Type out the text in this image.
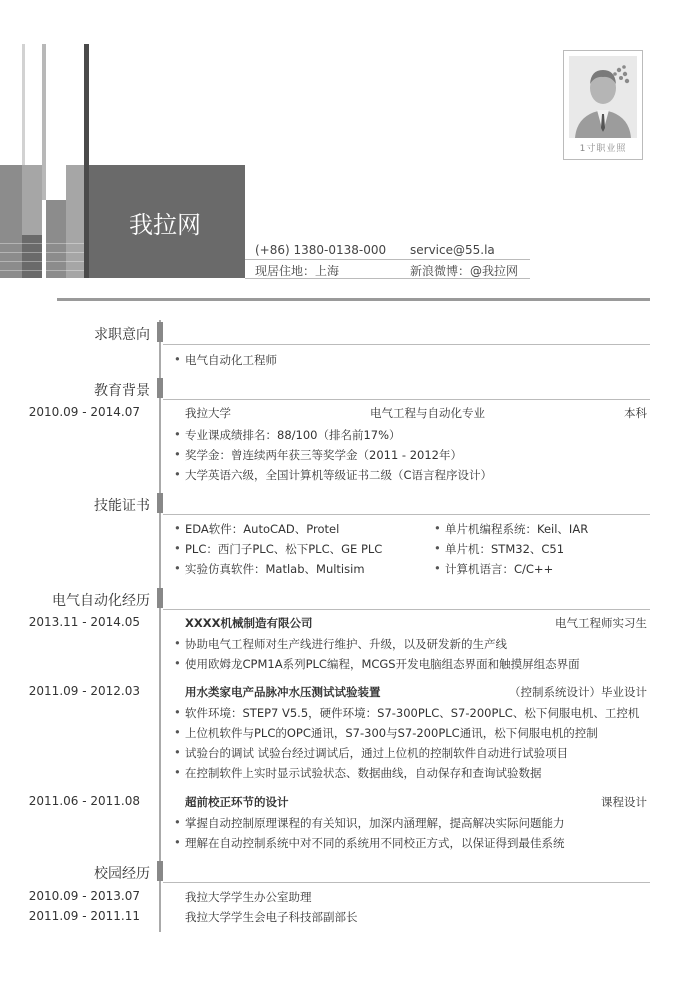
我拉网
1寸职业照
(+86) 1380-0138-000 service@55.la
现居住地：上海	新浪微博：@我拉网
求职意向
• 电气自动化工程师
教育背景
2010.09 - 2014.07	我拉大学	电气工程与自动化专业	本科
• 专业课成绩排名：88/100（排名前17%）
• 奖学金：曾连续两年获三等奖学金（2011 - 2012年）
• 大学英语六级，全国计算机等级证书二级（C语言程序设计）
技能证书
• EDA软件：AutoCAD、Protel
• PLC：西门子PLC、松下PLC、GE PLC
• 实验仿真软件：Matlab、Multisim
• 单片机编程系统：Keil、IAR
• 单片机：STM32、C51
• 计算机语言：C/C++
电气自动化经历
2013.11 - 2014.05	XXXX机械制造有限公司	电气工程师实习生
• 协助电气工程师对生产线进行维护、升级，以及研发新的生产线
• 使用欧姆龙CPM1A系列PLC编程，MCGS开发电脑组态界面和触摸屏组态界面
2011.09 - 2012.03	用水类家电产品脉冲水压测试试验装置	（控制系统设计）毕业设计
• 软件环境：STEP7 V5.5，硬件环境：S7-300PLC、S7-200PLC、松下伺服电机、工控机
• 上位机软件与PLC的OPC通讯，S7-300与S7-200PLC通讯，松下伺服电机的控制
• 试验台的调试 试验台经过调试后，通过上位机的控制软件自动进行试验项目
• 在控制软件上实时显示试验状态、数据曲线，自动保存和查询试验数据
2011.06 - 2011.08	超前校正环节的设计	课程设计
• 掌握自动控制原理课程的有关知识，加深内涵理解，提高解决实际问题能力
• 理解在自动控制系统中对不同的系统用不同校正方式，以保证得到最佳系统
校园经历
2010.09 - 2013.07	我拉大学学生办公室助理
2011.09 - 2011.11	我拉大学学生会电子科技部副部长
